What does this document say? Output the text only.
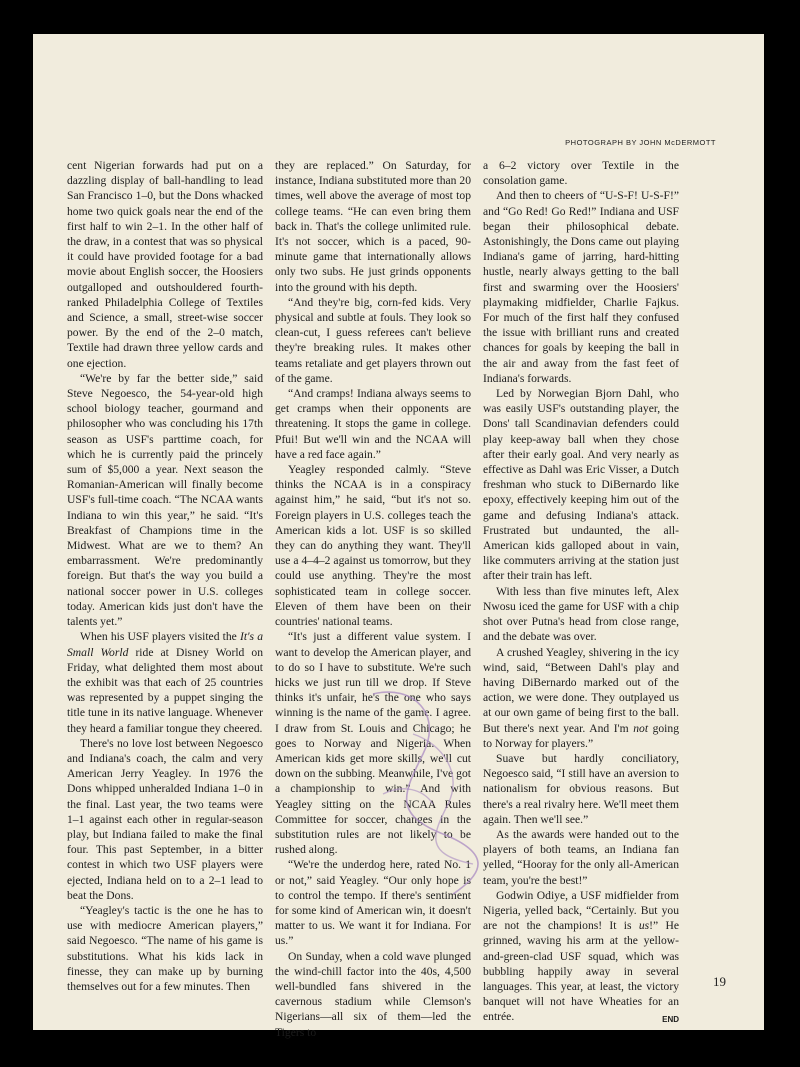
PHOTOGRAPH BY JOHN McDERMOTT

cent Nigerian forwards had put on a dazzling display of ball-handling to lead San Francisco 1–0, but the Dons whacked home two quick goals near the end of the first half to win 2–1. In the other half of the draw, in a contest that was so physical it could have provided footage for a bad movie about English soccer, the Hoosiers outgalloped and outshouldered fourth-ranked Philadelphia College of Textiles and Science, a small, street-wise soccer power. By the end of the 2–0 match, Textile had drawn three yellow cards and one ejection.

“We're by far the better side,” said Steve Negoesco, the 54-year-old high school biology teacher, gourmand and philosopher who was concluding his 17th season as USF's parttime coach, for which he is currently paid the princely sum of $5,000 a year. Next season the Romanian-American will finally become USF's full-time coach. “The NCAA wants Indiana to win this year,” he said. “It's Breakfast of Champions time in the Midwest. What are we to them? An embarrassment. We're predominantly foreign. But that's the way you build a national soccer power in U.S. colleges today. American kids just don't have the talents yet.”

When his USF players visited the It's a Small World ride at Disney World on Friday, what delighted them most about the exhibit was that each of 25 countries was represented by a puppet singing the title tune in its native language. Whenever they heard a familiar tongue they cheered.

There's no love lost between Negoesco and Indiana's coach, the calm and very American Jerry Yeagley. In 1976 the Dons whipped unheralded Indiana 1–0 in the final. Last year, the two teams were 1–1 against each other in regular-season play, but Indiana failed to make the final four. This past September, in a bitter contest in which two USF players were ejected, Indiana held on to a 2–1 lead to beat the Dons.

“Yeagley's tactic is the one he has to use with mediocre American players,” said Negoesco. “The name of his game is substitutions. What his kids lack in finesse, they can make up by burning themselves out for a few minutes. Then

they are replaced.” On Saturday, for instance, Indiana substituted more than 20 times, well above the average of most top college teams. “He can even bring them back in. That's the college unlimited rule. It's not soccer, which is a paced, 90-minute game that internationally allows only two subs. He just grinds opponents into the ground with his depth.

“And they're big, corn-fed kids. Very physical and subtle at fouls. They look so clean-cut, I guess referees can't believe they're breaking rules. It makes other teams retaliate and get players thrown out of the game.

“And cramps! Indiana always seems to get cramps when their opponents are threatening. It stops the game in college. Pfui! But we'll win and the NCAA will have a red face again.”

Yeagley responded calmly. “Steve thinks the NCAA is in a conspiracy against him,” he said, “but it's not so. Foreign players in U.S. colleges teach the American kids a lot. USF is so skilled they can do anything they want. They'll use a 4–4–2 against us tomorrow, but they could use anything. They're the most sophisticated team in college soccer. Eleven of them have been on their countries' national teams.

“It's just a different value system. I want to develop the American player, and to do so I have to substitute. We're such hicks we just run till we drop. If Steve thinks it's unfair, he's the one who says winning is the name of the game. I agree. I draw from St. Louis and Chicago; he goes to Norway and Nigeria. When American kids get more skills, we'll cut down on the subbing. Meanwhile, I've got a championship to win.” And with Yeagley sitting on the NCAA Rules Committee for soccer, changes in the substitution rules are not likely to be rushed along.

“We're the underdog here, rated No. 1 or not,” said Yeagley. “Our only hope is to control the tempo. If there's sentiment for some kind of American win, it doesn't matter to us. We want it for Indiana. For us.”

On Sunday, when a cold wave plunged the wind-chill factor into the 40s, 4,500 well-bundled fans shivered in the cavernous stadium while Clemson's Nigerians—all six of them—led the Tigers to

a 6–2 victory over Textile in the consolation game.

And then to cheers of “U-S-F! U-S-F!” and “Go Red! Go Red!” Indiana and USF began their philosophical debate. Astonishingly, the Dons came out playing Indiana's game of jarring, hard-hitting hustle, nearly always getting to the ball first and swarming over the Hoosiers' playmaking midfielder, Charlie Fajkus. For much of the first half they confused the issue with brilliant runs and created chances for goals by keeping the ball in the air and away from the fast feet of Indiana's forwards.

Led by Norwegian Bjorn Dahl, who was easily USF's outstanding player, the Dons' tall Scandinavian defenders could play keep-away ball when they chose after their early goal. And very nearly as effective as Dahl was Eric Visser, a Dutch freshman who stuck to DiBernardo like epoxy, effectively keeping him out of the game and defusing Indiana's attack. Frustrated but undaunted, the all-American kids galloped about in vain, like commuters arriving at the station just after their train has left.

With less than five minutes left, Alex Nwosu iced the game for USF with a chip shot over Putna's head from close range, and the debate was over.

A crushed Yeagley, shivering in the icy wind, said, “Between Dahl's play and having DiBernardo marked out of the action, we were done. They outplayed us at our own game of being first to the ball. But there's next year. And I'm not going to Norway for players.”

Suave but hardly conciliatory, Negoesco said, “I still have an aversion to nationalism for obvious reasons. But there's a real rivalry here. We'll meet them again. Then we'll see.”

As the awards were handed out to the players of both teams, an Indiana fan yelled, “Hooray for the only all-American team, you're the best!”

Godwin Odiye, a USF midfielder from Nigeria, yelled back, “Certainly. But you are not the champions! It is us!” He grinned, waving his arm at the yellow-and-green-clad USF squad, which was bubbling happily away in several languages. This year, at least, the victory banquet will not have Wheaties for an entrée.	END

19
